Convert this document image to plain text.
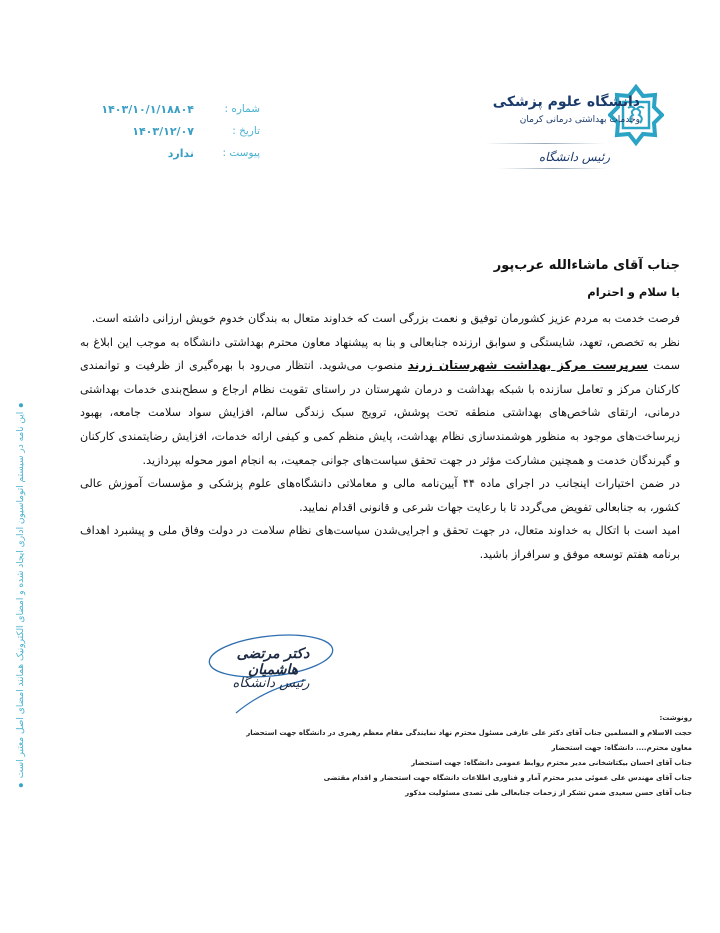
دانشگاه علوم پزشکی
وخدمات بهداشتی درمانی کرمان
رئیس دانشگاه
شماره :
۱۴۰۳/۱۰/۱/۱۸۸۰۴
تاریخ :
۱۴۰۳/۱۲/۰۷
پیوست :
ندارد

جناب آقای ماشاءالله عرب‌پور

با سلام و احترام

فرصت خدمت به مردم عزیز کشورمان توفیق و نعمت بزرگی است که خداوند متعال به بندگان خدوم خویش ارزانی داشته است.

نظر به تخصص، تعهد، شایستگی و سوابق ارزنده جنابعالی و بنا به پیشنهاد معاون محترم بهداشتی دانشگاه به موجب این ابلاغ به سمت سرپرست مرکز بهداشت شهرستان زرند منصوب می‌شوید. انتظار می‌رود با بهره‌گیری از ظرفیت و توانمندی کارکنان مرکز و تعامل سازنده با شبکه بهداشت و درمان شهرستان در راستای تقویت نظام ارجاع و سطح‌بندی خدمات بهداشتی درمانی، ارتقای شاخص‌های بهداشتی منطقه تحت پوشش، ترویج سبک زندگی سالم، افزایش سواد سلامت جامعه، بهبود زیرساخت‌های موجود به منظور هوشمندسازی نظام بهداشت، پایش منظم کمی و کیفی ارائه خدمات، افزایش رضایتمندی کارکنان و گیرندگان خدمت و همچنین مشارکت مؤثر در جهت تحقق سیاست‌های جوانی جمعیت، به انجام امور محوله بپردازید.

در ضمن اختیارات اینجانب در اجرای ماده ۴۴ آیین‌نامه مالی و معاملاتی دانشگاه‌های علوم پزشکی و مؤسسات آموزش عالی کشور، به جنابعالی تفویض می‌گردد تا با رعایت جهات شرعی و قانونی اقدام نمایید.

امید است با اتکال به خداوند متعال، در جهت تحقق و اجرایی‌شدن سیاست‌های نظام سلامت در دولت وفاق ملی و پیشبرد اهداف برنامه هفتم توسعه موفق و سرافراز باشید.

دکتر مرتضی هاشمیان
رئیس دانشگاه
رونوشت:
حجت الاسلام و المسلمین جناب آقای دکتر علی عارفی مسئول محترم نهاد نمایندگی مقام معظم رهبری در دانشگاه جهت استحضار
معاون محترم.... دانشگاه: جهت استحضار
جناب آقای احسان بیکتاشخانی مدیر محترم روابط عمومی دانشگاه: جهت استحضار
جناب آقای مهندس علی عموئی مدیر محترم آمار و فناوری اطلاعات دانشگاه جهت استحضار و اقدام مقتضی
جناب آقای حسن سعیدی ضمن تشکر از زحمات جنابعالی طی تصدی مسئولیت مذکور
این نامه در سیستم اتوماسیون اداری ایجاد شده و امضای الکترونیک همانند امضای اصل معتبر است
